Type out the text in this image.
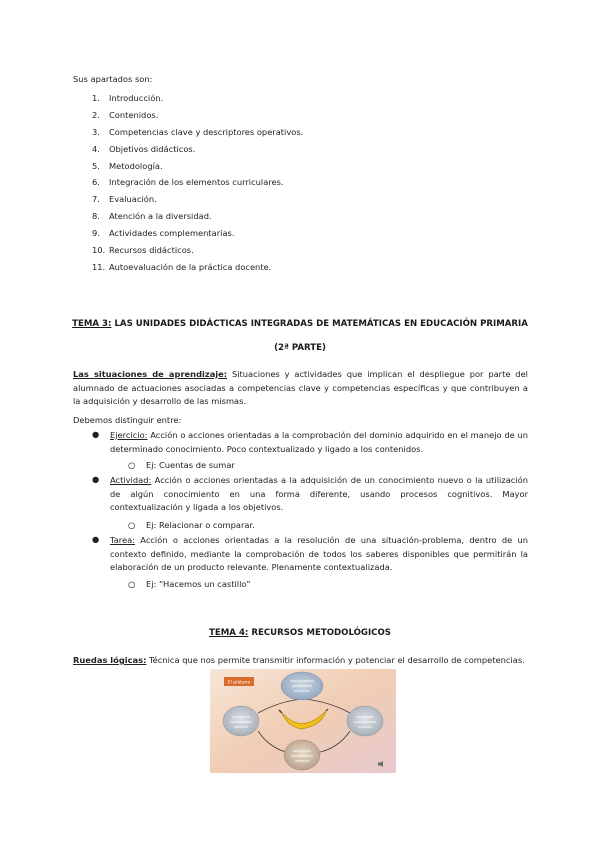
Sus apartados son:
1. Introducción.
2. Contenidos.
3. Competencias clave y descriptores operativos.
4. Objetivos didácticos.
5. Metodología.
6. Integración de los elementos curriculares.
7. Evaluación.
8. Atención a la diversidad.
9. Actividades complementarias.
10. Recursos didácticos.
11. Autoevaluación de la práctica docente.
TEMA 3: LAS UNIDADES DIDÁCTICAS INTEGRADAS DE MATEMÁTICAS EN EDUCACIÓN PRIMARIA
(2ª PARTE)
Las situaciones de aprendizaje: Situaciones y actividades que implican el despliegue por parte del alumnado de actuaciones asociadas a competencias clave y competencias específicas y que contribuyen a la adquisición y desarrollo de las mismas.
Debemos distinguir entre:
● Ejercicio: Acción o acciones orientadas a la comprobación del dominio adquirido en el manejo de un determinado conocimiento. Poco contextualizado y ligado a los contenidos.
○ Ej: Cuentas de sumar
● Actividad: Acción o acciones orientadas a la adquisición de un conocimiento nuevo o la utilización de algún conocimiento en una forma diferente, usando procesos cognitivos. Mayor contextualización y ligada a los objetivos.
○ Ej: Relacionar o comparar.
● Tarea: Acción o acciones orientadas a la resolución de una situación-problema, dentro de un contexto definido, mediante la comprobación de todos los saberes disponibles que permitirán la elaboración de un producto relevante. Plenamente contextualizada.
○ Ej: “Hacemos un castillo”
TEMA 4: RECURSOS METODOLÓGICOS
Ruedas lógicas: Técnica que nos permite transmitir información y potenciar el desarrollo de competencias.
El plátano
